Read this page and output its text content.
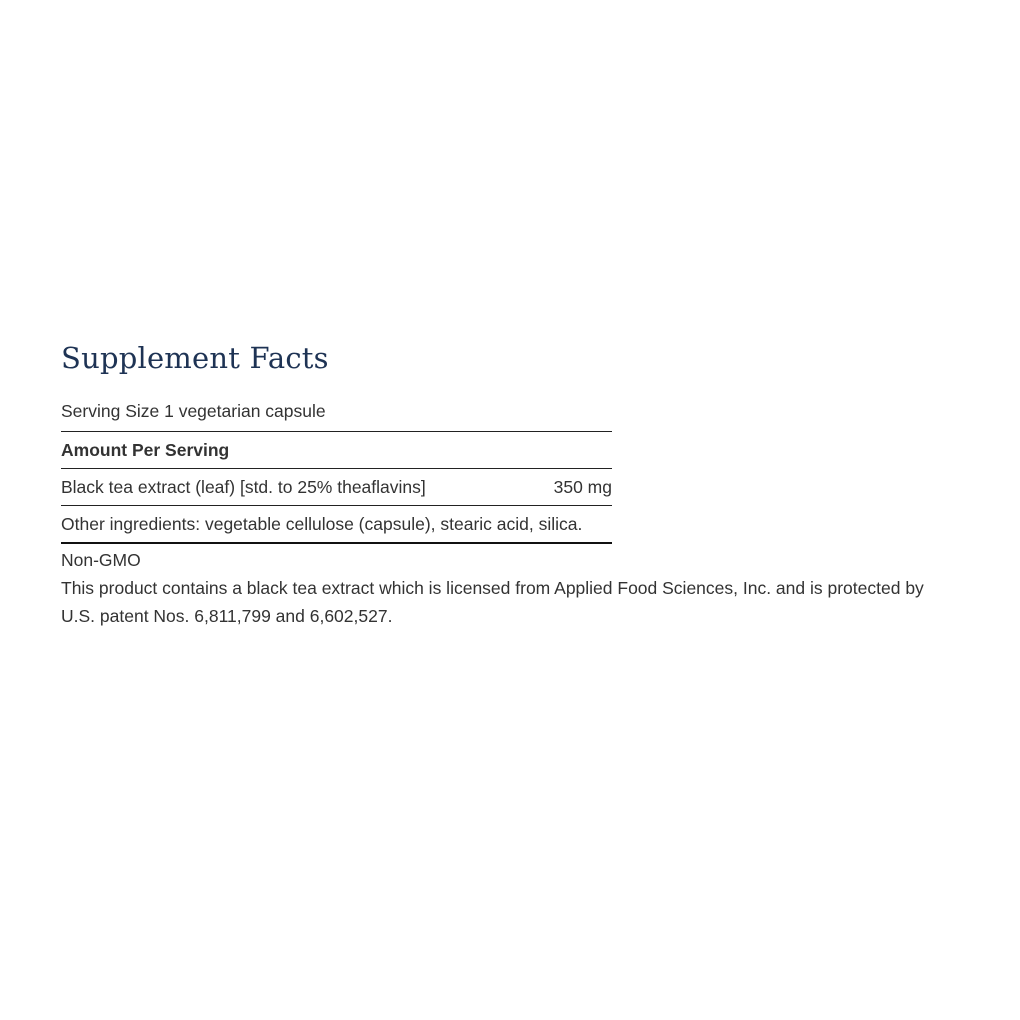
Supplement Facts
Serving Size 1 vegetarian capsule
Amount Per Serving
Black tea extract (leaf) [std. to 25% theaflavins]	350 mg
Other ingredients: vegetable cellulose (capsule), stearic acid, silica.
Non-GMO
This product contains a black tea extract which is licensed from Applied Food Sciences, Inc. and is protected by U.S. patent Nos. 6,811,799 and 6,602,527.
